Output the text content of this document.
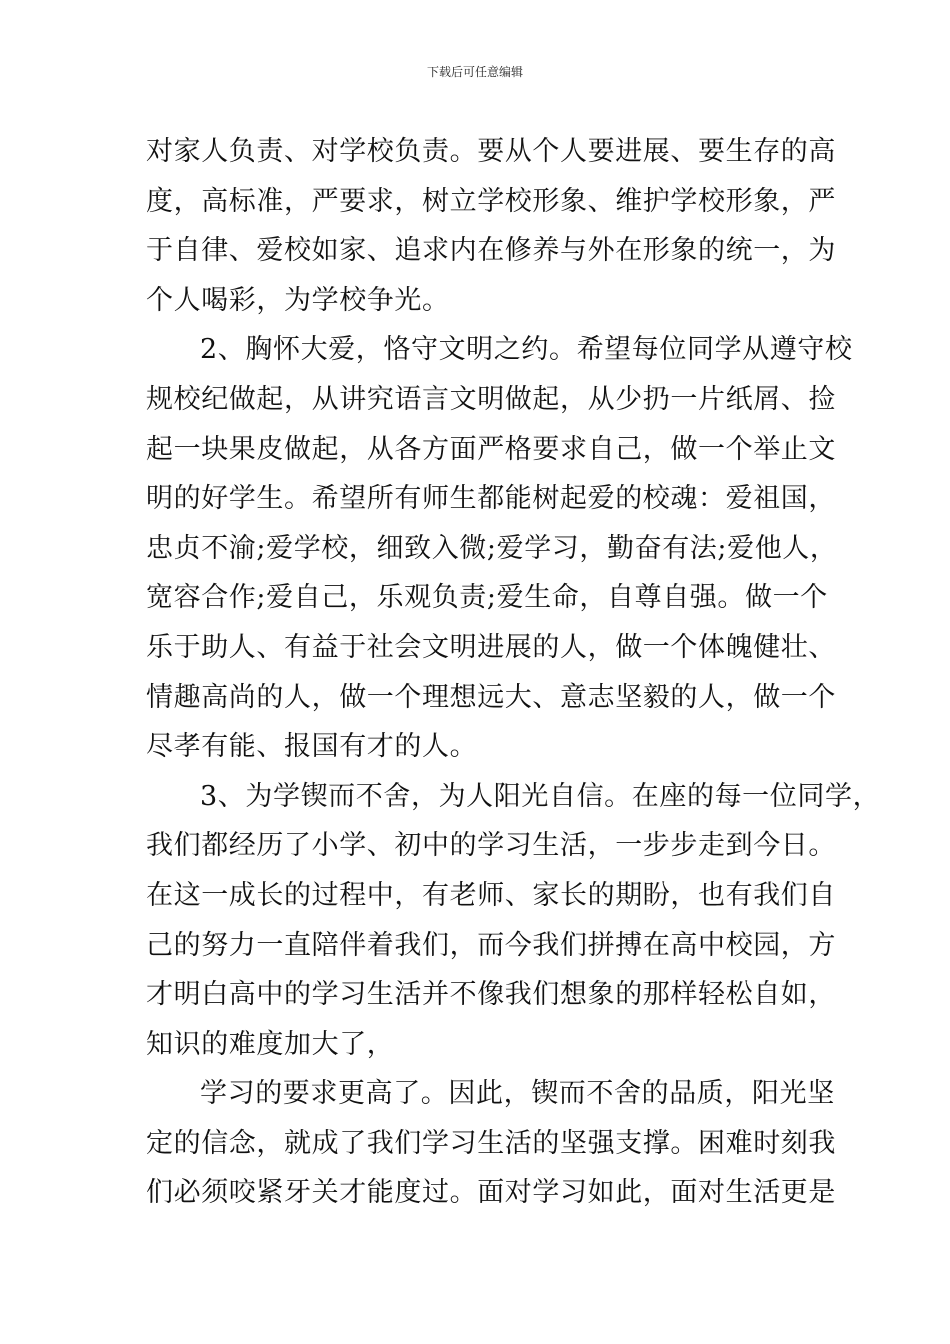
下载后可任意编辑
对家人负责、对学校负责。要从个人要进展、要生存的高
度，高标准，严要求，树立学校形象、维护学校形象，严
于自律、爱校如家、追求内在修养与外在形象的统一，为
个人喝彩，为学校争光。
2、胸怀大爱，恪守文明之约。希望每位同学从遵守校
规校纪做起，从讲究语言文明做起，从少扔一片纸屑、捡
起一块果皮做起，从各方面严格要求自己，做一个举止文
明的好学生。希望所有师生都能树起爱的校魂：爱祖国，
忠贞不渝;爱学校，细致入微;爱学习，勤奋有法;爱他人，
宽容合作;爱自己，乐观负责;爱生命，自尊自强。做一个
乐于助人、有益于社会文明进展的人，做一个体魄健壮、
情趣高尚的人，做一个理想远大、意志坚毅的人，做一个
尽孝有能、报国有才的人。
3、为学锲而不舍，为人阳光自信。在座的每一位同学，
我们都经历了小学、初中的学习生活，一步步走到今日。
在这一成长的过程中，有老师、家长的期盼，也有我们自
己的努力一直陪伴着我们，而今我们拼搏在高中校园，方
才明白高中的学习生活并不像我们想象的那样轻松自如，
知识的难度加大了，
学习的要求更高了。因此，锲而不舍的品质，阳光坚
定的信念，就成了我们学习生活的坚强支撑。困难时刻我
们必须咬紧牙关才能度过。面对学习如此，面对生活更是
